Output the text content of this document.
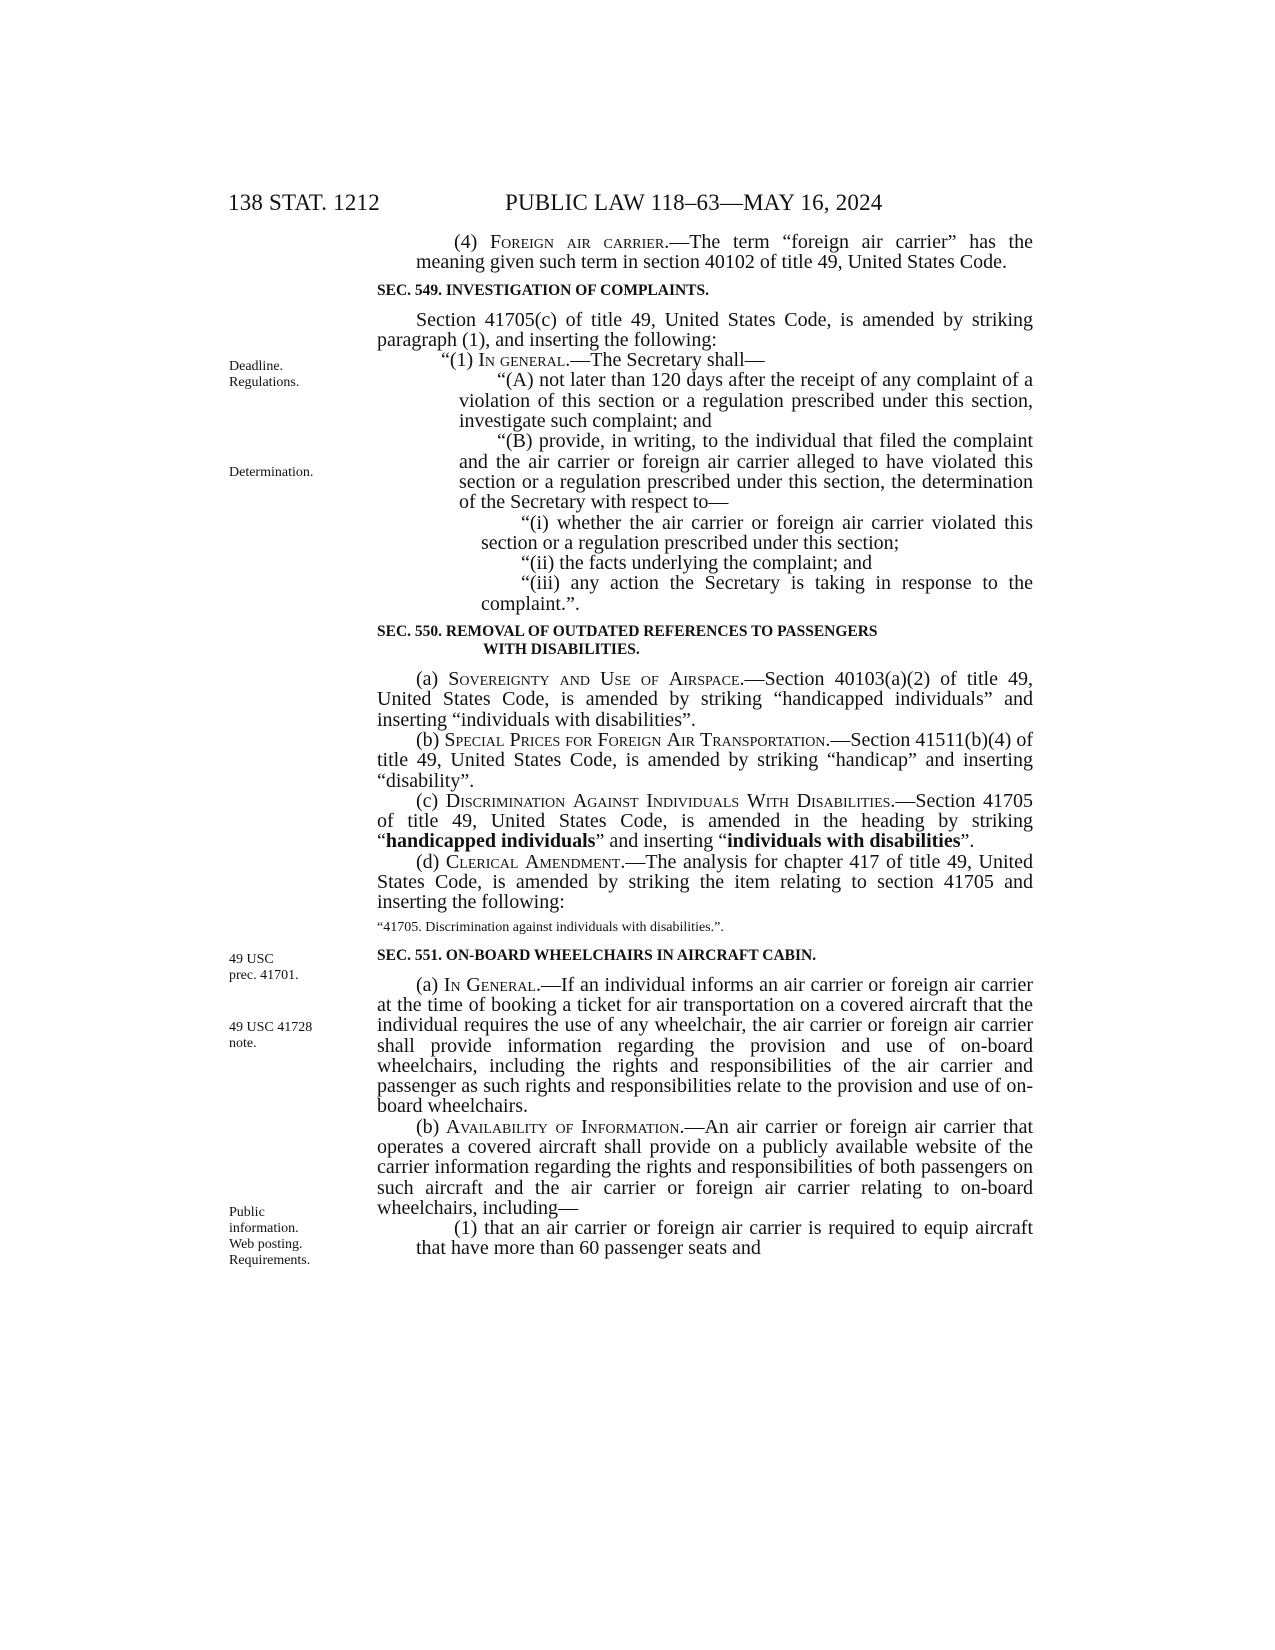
138 STAT. 1212	PUBLIC LAW 118–63—MAY 16, 2024
Deadline.
Regulations.
Determination.
49 USC
prec. 41701.
49 USC 41728
note.
Public
information.
Web posting.
Requirements.

(4) Foreign air carrier.—The term “foreign air carrier” has the meaning given such term in section 40102 of title 49, United States Code.

SEC. 549. INVESTIGATION OF COMPLAINTS.

Section 41705(c) of title 49, United States Code, is amended by striking paragraph (1), and inserting the following:

“(1) In general.—The Secretary shall—

“(A) not later than 120 days after the receipt of any complaint of a violation of this section or a regulation prescribed under this section, investigate such complaint; and

“(B) provide, in writing, to the individual that filed the complaint and the air carrier or foreign air carrier alleged to have violated this section or a regulation prescribed under this section, the determination of the Secretary with respect to—

“(i) whether the air carrier or foreign air carrier violated this section or a regulation prescribed under this section;

“(ii) the facts underlying the complaint; and

“(iii) any action the Secretary is taking in response to the complaint.”.

SEC. 550. REMOVAL OF OUTDATED REFERENCES TO PASSENGERS
WITH DISABILITIES.

(a) Sovereignty and Use of Airspace.—Section 40103(a)(2) of title 49, United States Code, is amended by striking “handicapped individuals” and inserting “individuals with disabilities”.

(b) Special Prices for Foreign Air Transportation.—Section 41511(b)(4) of title 49, United States Code, is amended by striking “handicap” and inserting “disability”.

(c) Discrimination Against Individuals With Disabilities.—Section 41705 of title 49, United States Code, is amended in the heading by striking “handicapped individuals” and inserting “individuals with disabilities”.

(d) Clerical Amendment.—The analysis for chapter 417 of title 49, United States Code, is amended by striking the item relating to section 41705 and inserting the following:

“41705. Discrimination against individuals with disabilities.”.

SEC. 551. ON-BOARD WHEELCHAIRS IN AIRCRAFT CABIN.

(a) In General.—If an individual informs an air carrier or foreign air carrier at the time of booking a ticket for air transportation on a covered aircraft that the individual requires the use of any wheelchair, the air carrier or foreign air carrier shall provide information regarding the provision and use of on-board wheelchairs, including the rights and responsibilities of the air carrier and passenger as such rights and responsibilities relate to the provision and use of on-board wheelchairs.

(b) Availability of Information.—An air carrier or foreign air carrier that operates a covered aircraft shall provide on a publicly available website of the carrier information regarding the rights and responsibilities of both passengers on such aircraft and the air carrier or foreign air carrier relating to on-board wheelchairs, including—

(1) that an air carrier or foreign air carrier is required to equip aircraft that have more than 60 passenger seats and
